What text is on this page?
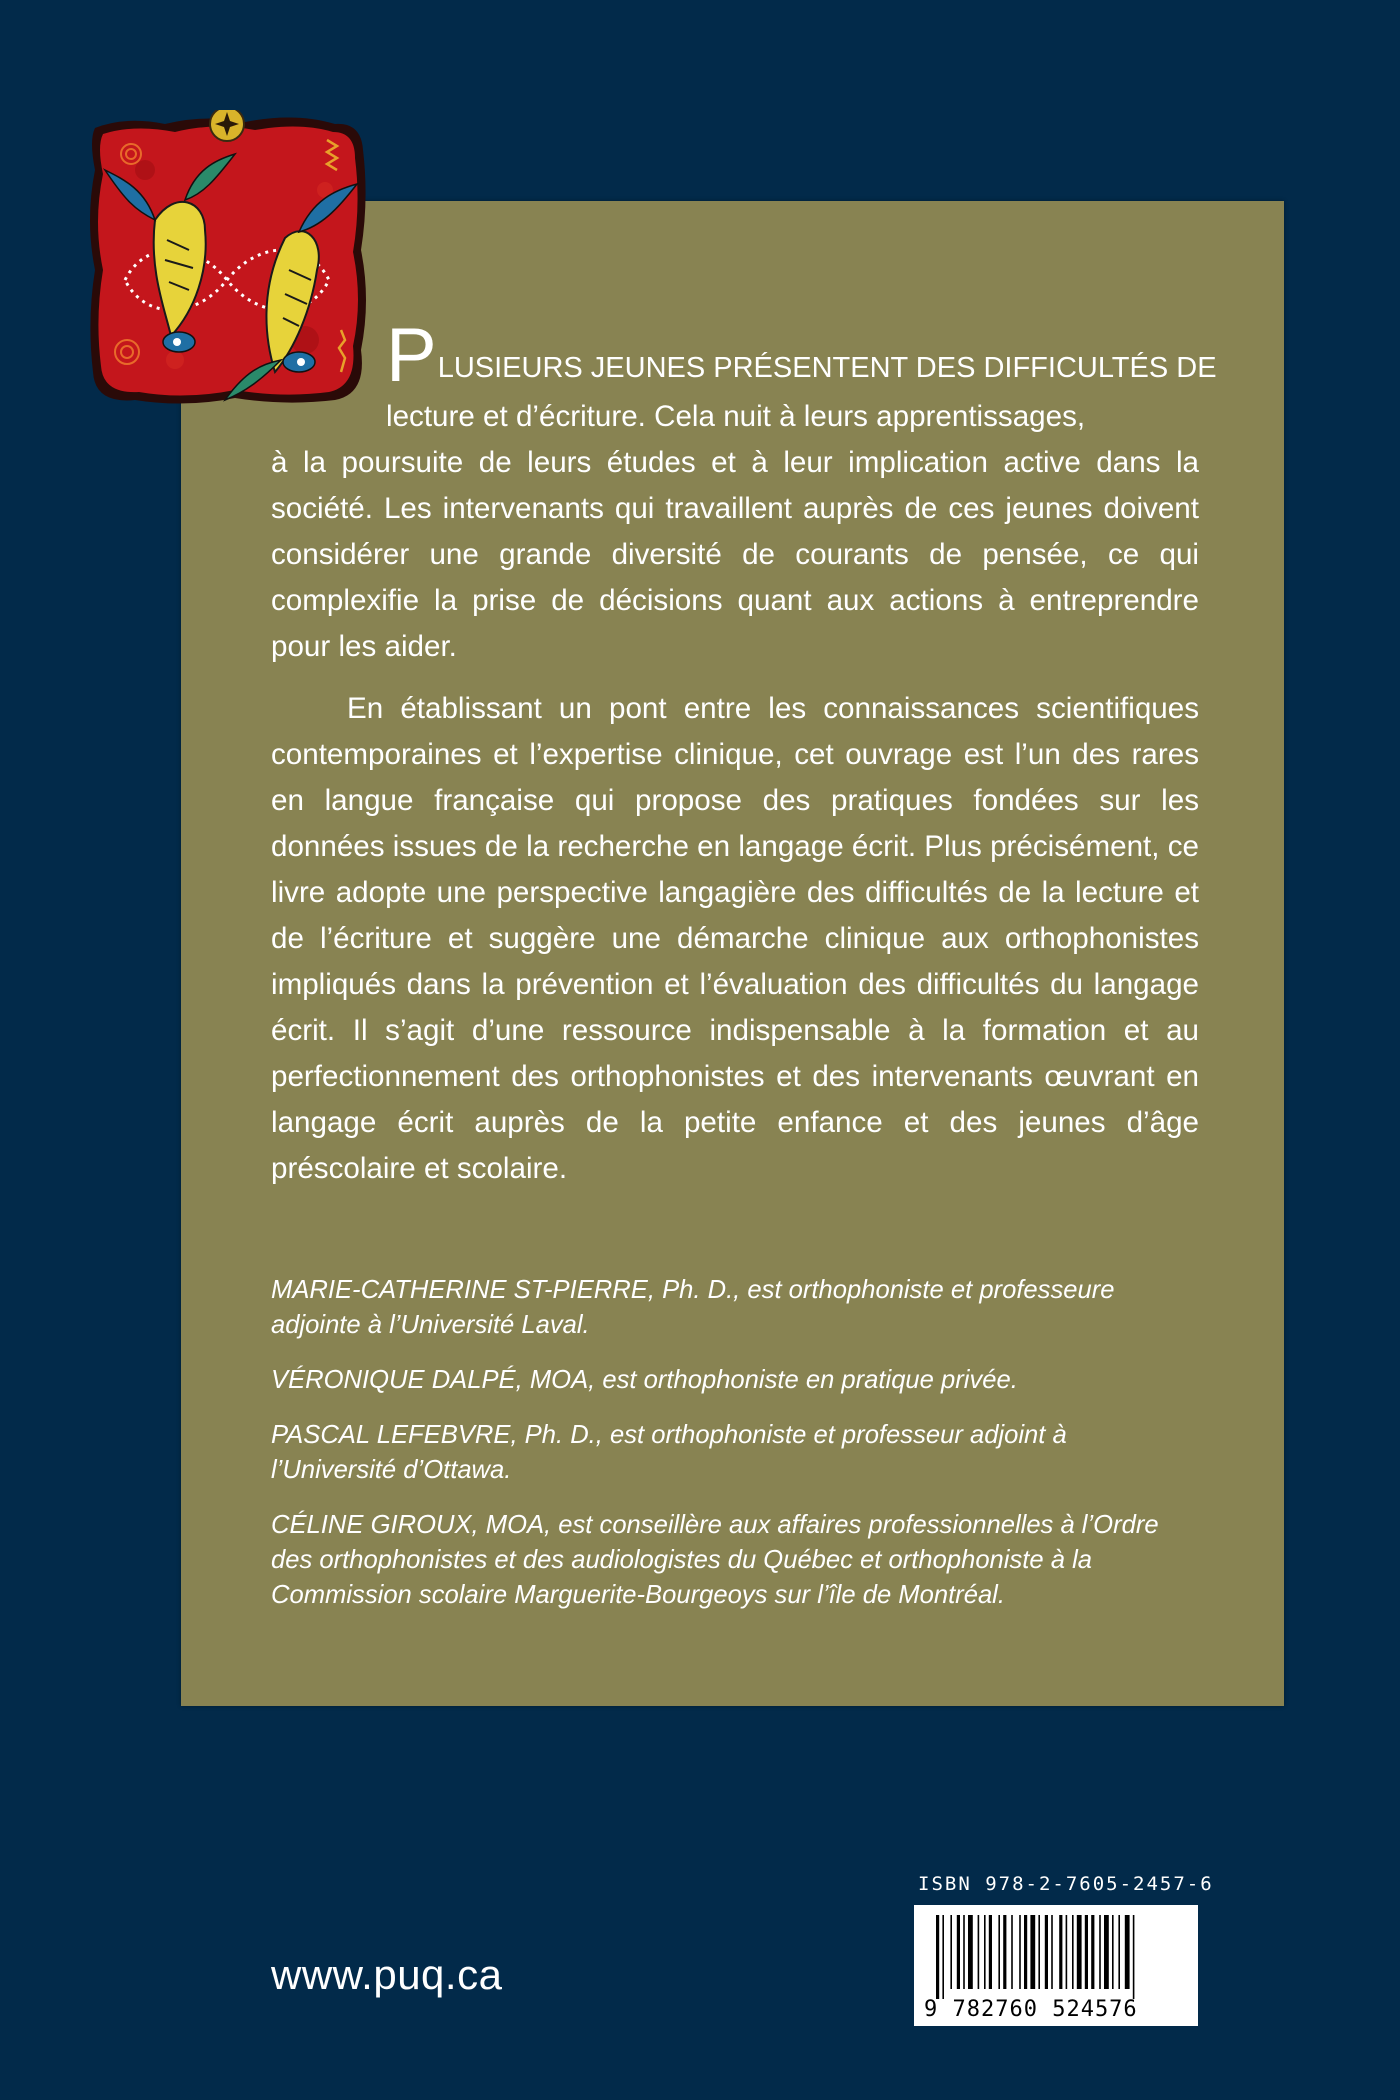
PLUSIEURS JEUNES PRÉSENTENT DES DIFFICULTÉS DE
lecture et d’écriture. Cela nuit à leurs apprentissages,
à la poursuite de leurs études et à leur implication active dans la société. Les intervenants qui travaillent auprès de ces jeunes doivent considérer une grande diversité de courants de pensée, ce qui complexifie la prise de décisions quant aux actions à entreprendre pour les aider.

En établissant un pont entre les connaissances scientifiques contemporaines et l’expertise clinique, cet ouvrage est l’un des rares en langue française qui propose des pratiques fondées sur les données issues de la recherche en langage écrit. Plus précisément, ce livre adopte une perspective langagière des difficultés de la lecture et de l’écriture et suggère une démarche clinique aux orthophonistes impliqués dans la prévention et l’évaluation des difficultés du langage écrit. Il s’agit d’une ressource indispensable à la formation et au perfectionnement des orthophonistes et des intervenants œuvrant en langage écrit auprès de la petite enfance et des jeunes d’âge préscolaire et scolaire.

MARIE-CATHERINE ST-PIERRE, Ph. D., est orthophoniste et professeure adjointe à l’Université Laval.

VÉRONIQUE DALPÉ, MOA, est orthophoniste en pratique privée.

PASCAL LEFEBVRE, Ph. D., est orthophoniste et professeur adjoint à l’Université d’Ottawa.

CÉLINE GIROUX, MOA, est conseillère aux affaires professionnelles à l’Ordre des orthophonistes et des audiologistes du Québec et orthophoniste à la Commission scolaire Marguerite-Bourgeoys sur l’île de Montréal.

ISBN 978-2-7605-2457-6
9 782760 524576
www.puq.ca
